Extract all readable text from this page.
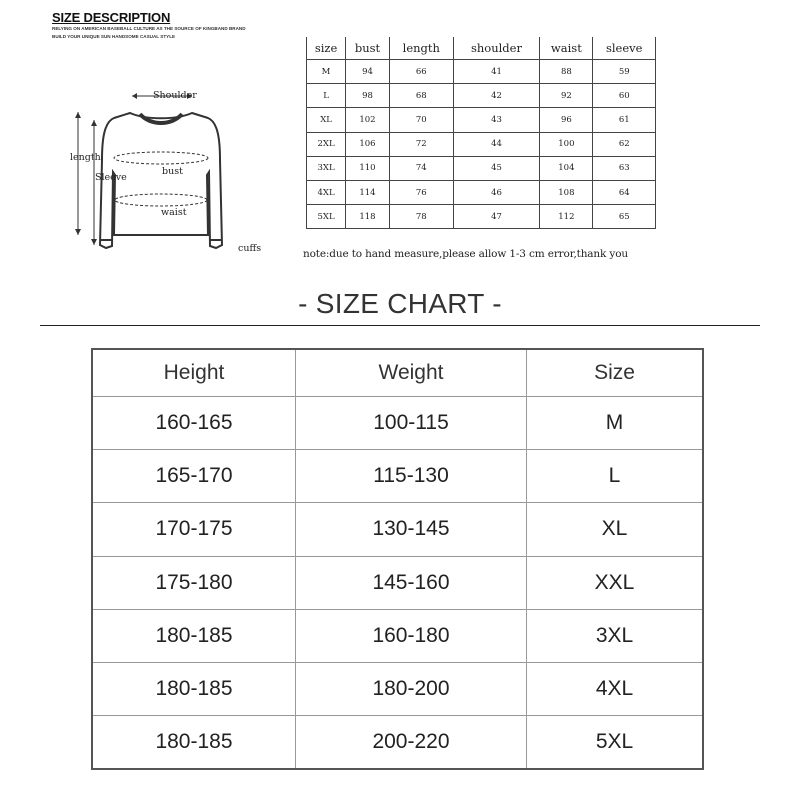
SIZE DESCRIPTION
RELYING ON AMERICAN BASEBALL CULTURE AS THE SOURCE OF KINGBAND BRAND
BUILD YOUR UNIQUE SUN HANDSOME CASUAL STYLE
Shoulder
length
Sleeve
bust
waist
cuffs
size	bust	length	shoulder	waist	sleeve
M	94	66	41	88	59
L	98	68	42	92	60
XL	102	70	43	96	61
2XL	106	72	44	100	62
3XL	110	74	45	104	63
4XL	114	76	46	108	64
5XL	118	78	47	112	65
note:due to hand measure,please allow 1-3 cm error,thank you
- SIZE CHART -
Height	Weight	Size
160-165	100-115	M
165-170	115-130	L
170-175	130-145	XL
175-180	145-160	XXL
180-185	160-180	3XL
180-185	180-200	4XL
180-185	200-220	5XL
